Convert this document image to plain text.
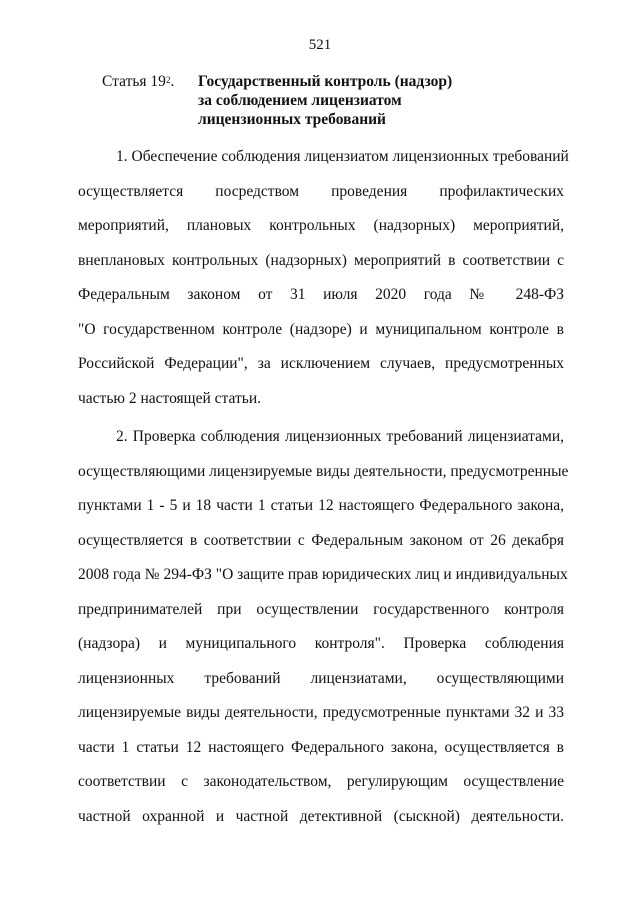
521
Статья $19^2$. Государственный контроль (надзор)
за соблюдением лицензиатом
лицензионных требований
1. Обеспечение соблюдения лицензиатом лицензионных требований
осуществляется посредством проведения профилактических
мероприятий, плановых контрольных (надзорных) мероприятий,
внеплановых контрольных (надзорных) мероприятий в соответствии с
Федеральным законом от 31 июля 2020 года № 248-ФЗ
"О государственном контроле (надзоре) и муниципальном контроле в
Российской Федерации", за исключением случаев, предусмотренных
частью 2 настоящей статьи.
2. Проверка соблюдения лицензионных требований лицензиатами,
осуществляющими лицензируемые виды деятельности, предусмотренные
пунктами 1 - 5 и 18 части 1 статьи 12 настоящего Федерального закона,
осуществляется в соответствии с Федеральным законом от 26 декабря
2008 года № 294-ФЗ "О защите прав юридических лиц и индивидуальных
предпринимателей при осуществлении государственного контроля
(надзора) и муниципального контроля". Проверка соблюдения
лицензионных требований лицензиатами, осуществляющими
лицензируемые виды деятельности, предусмотренные пунктами 32 и 33
части 1 статьи 12 настоящего Федерального закона, осуществляется в
соответствии с законодательством, регулирующим осуществление
частной охранной и частной детективной (сыскной) деятельности.
